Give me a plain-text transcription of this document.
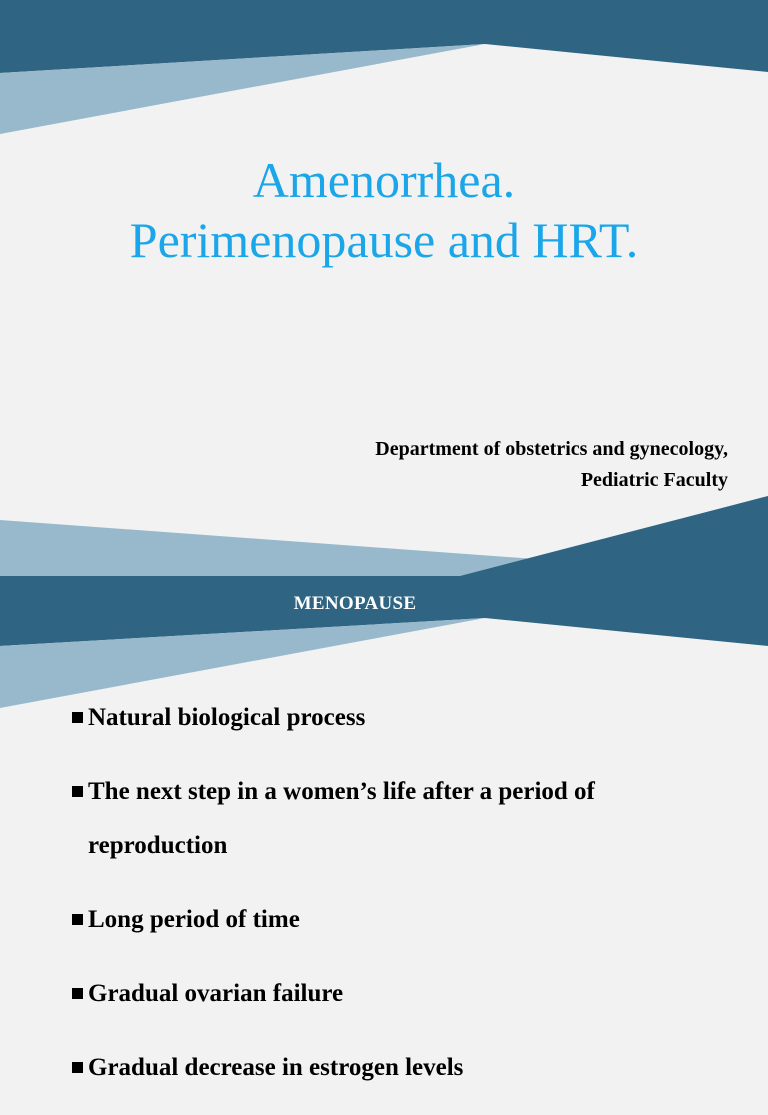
Amenorrhea.
Perimenopause and HRT.
Department of obstetrics and gynecology,
Pediatric Faculty
MENOPAUSE
Natural biological process
The next step in a women’s life after a period of reproduction
Long period of time
Gradual ovarian failure
Gradual decrease in estrogen levels
